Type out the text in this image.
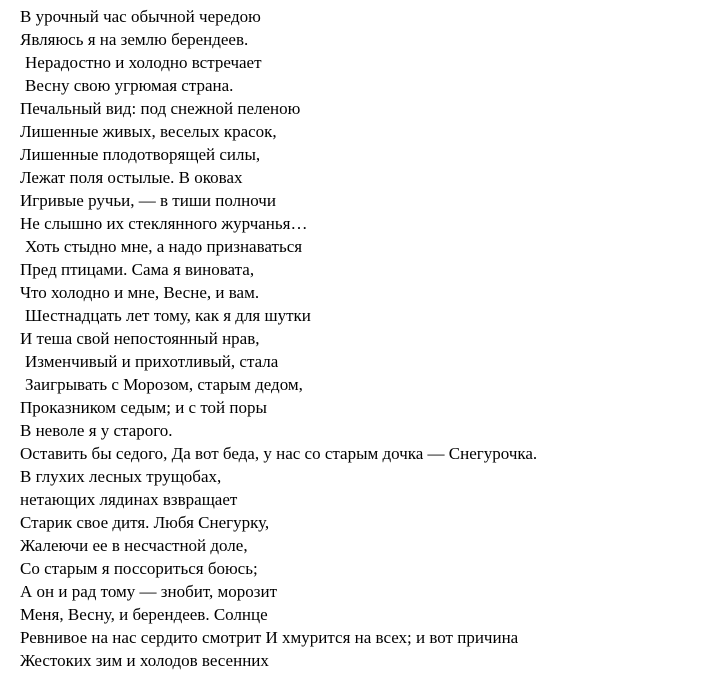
В урочный час обычной чередою
Являюсь я на землю берендеев.
Нерадостно и холодно встречает
Весну свою угрюмая страна.
Печальный вид: под снежной пеленою
Лишенные живых, веселых красок,
Лишенные плодотворящей силы,
Лежат поля остылые. В оковах
Игривые ручьи, — в тиши полночи
Не слышно их стеклянного журчанья…
Хоть стыдно мне, а надо признаваться
Пред птицами. Сама я виновата,
Что холодно и мне, Весне, и вам.
Шестнадцать лет тому, как я для шутки
И теша свой непостоянный нрав,
Изменчивый и прихотливый, стала
Заигрывать с Морозом, старым дедом,
Проказником седым; и с той поры
В неволе я у старого.
Оставить бы седого, Да вот беда, у нас со старым дочка — Снегурочка.
В глухих лесных трущобах,
нетающих лядинах взвращает
Старик свое дитя. Любя Снегурку,
Жалеючи ее в несчастной доле,
Со старым я поссориться боюсь;
А он и рад тому — знобит, морозит
Меня, Весну, и берендеев. Солнце
Ревнивое на нас сердито смотрит И хмурится на всех; и вот причина
Жестоких зим и холодов весенних
